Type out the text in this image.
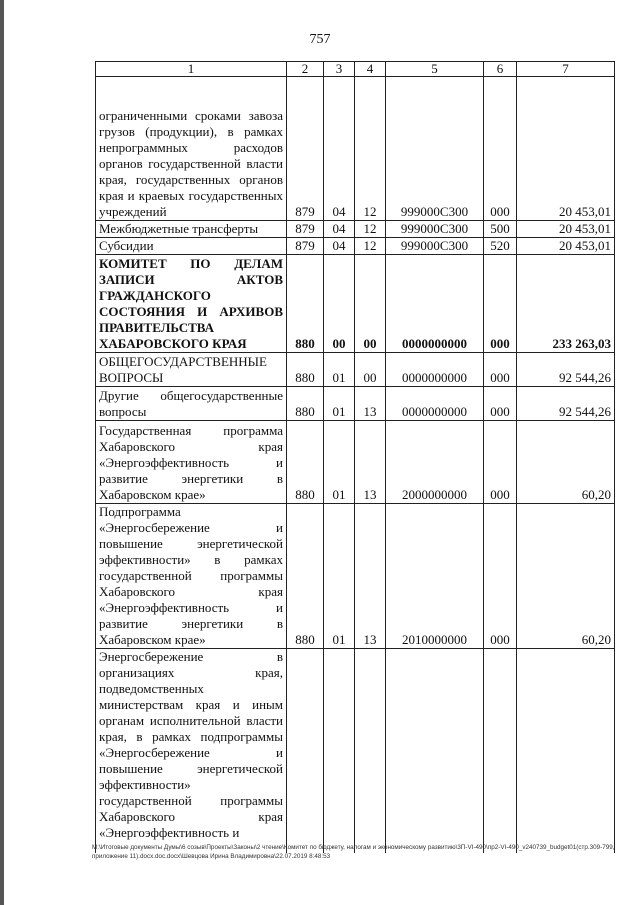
757
1	2	3	4	5	6	7
ограниченными сроками завоза грузов (продукции), в рамках непрограммных расходов органов государственной власти края, государственных органов края и краевых государственных учреждений	879	04	12	999000С300	000	20 453,01
Межбюджетные трансферты	879	04	12	999000С300	500	20 453,01
Субсидии	879	04	12	999000С300	520	20 453,01
КОМИТЕТ ПО ДЕЛАМ ЗАПИСИ АКТОВ ГРАЖДАНСКОГО СОСТОЯНИЯ И АРХИВОВ ПРАВИТЕЛЬСТВА ХАБАРОВСКОГО КРАЯ	880	00	00	0000000000	000	233 263,03
ОБЩЕГОСУДАРСТВЕННЫЕ ВОПРОСЫ	880	01	00	0000000000	000	92 544,26
Другие общегосударственные вопросы	880	01	13	0000000000	000	92 544,26
Государственная программа Хабаровского края «Энергоэффективность и развитие энергетики в Хабаровском крае»	880	01	13	2000000000	000	60,20
Подпрограмма «Энергосбережение и повышение энергетической эффективности» в рамках государственной программы Хабаровского края «Энергоэффективность и развитие энергетики в Хабаровском крае»	880	01	13	2010000000	000	60,20
Энергосбережение в организациях края, подведомственных министерствам края и иным органам исполнительной власти края, в рамках подпрограммы «Энергосбережение и повышение энергетической эффективности» государственной программы Хабаровского края «Энергоэффективность и						
M:\Итоговые документы Думы\6 созыв\Проекты\Законы\2 чтение\Комитет по бюджету, налогам и экономическому развитию\3П-VI-490\пр2-VI-490_v240739_budget01(стр.309-799, приложение 11).docx.doc.docx\Шевцова Ирина Владимировна\22.07.2019 8:48:53
